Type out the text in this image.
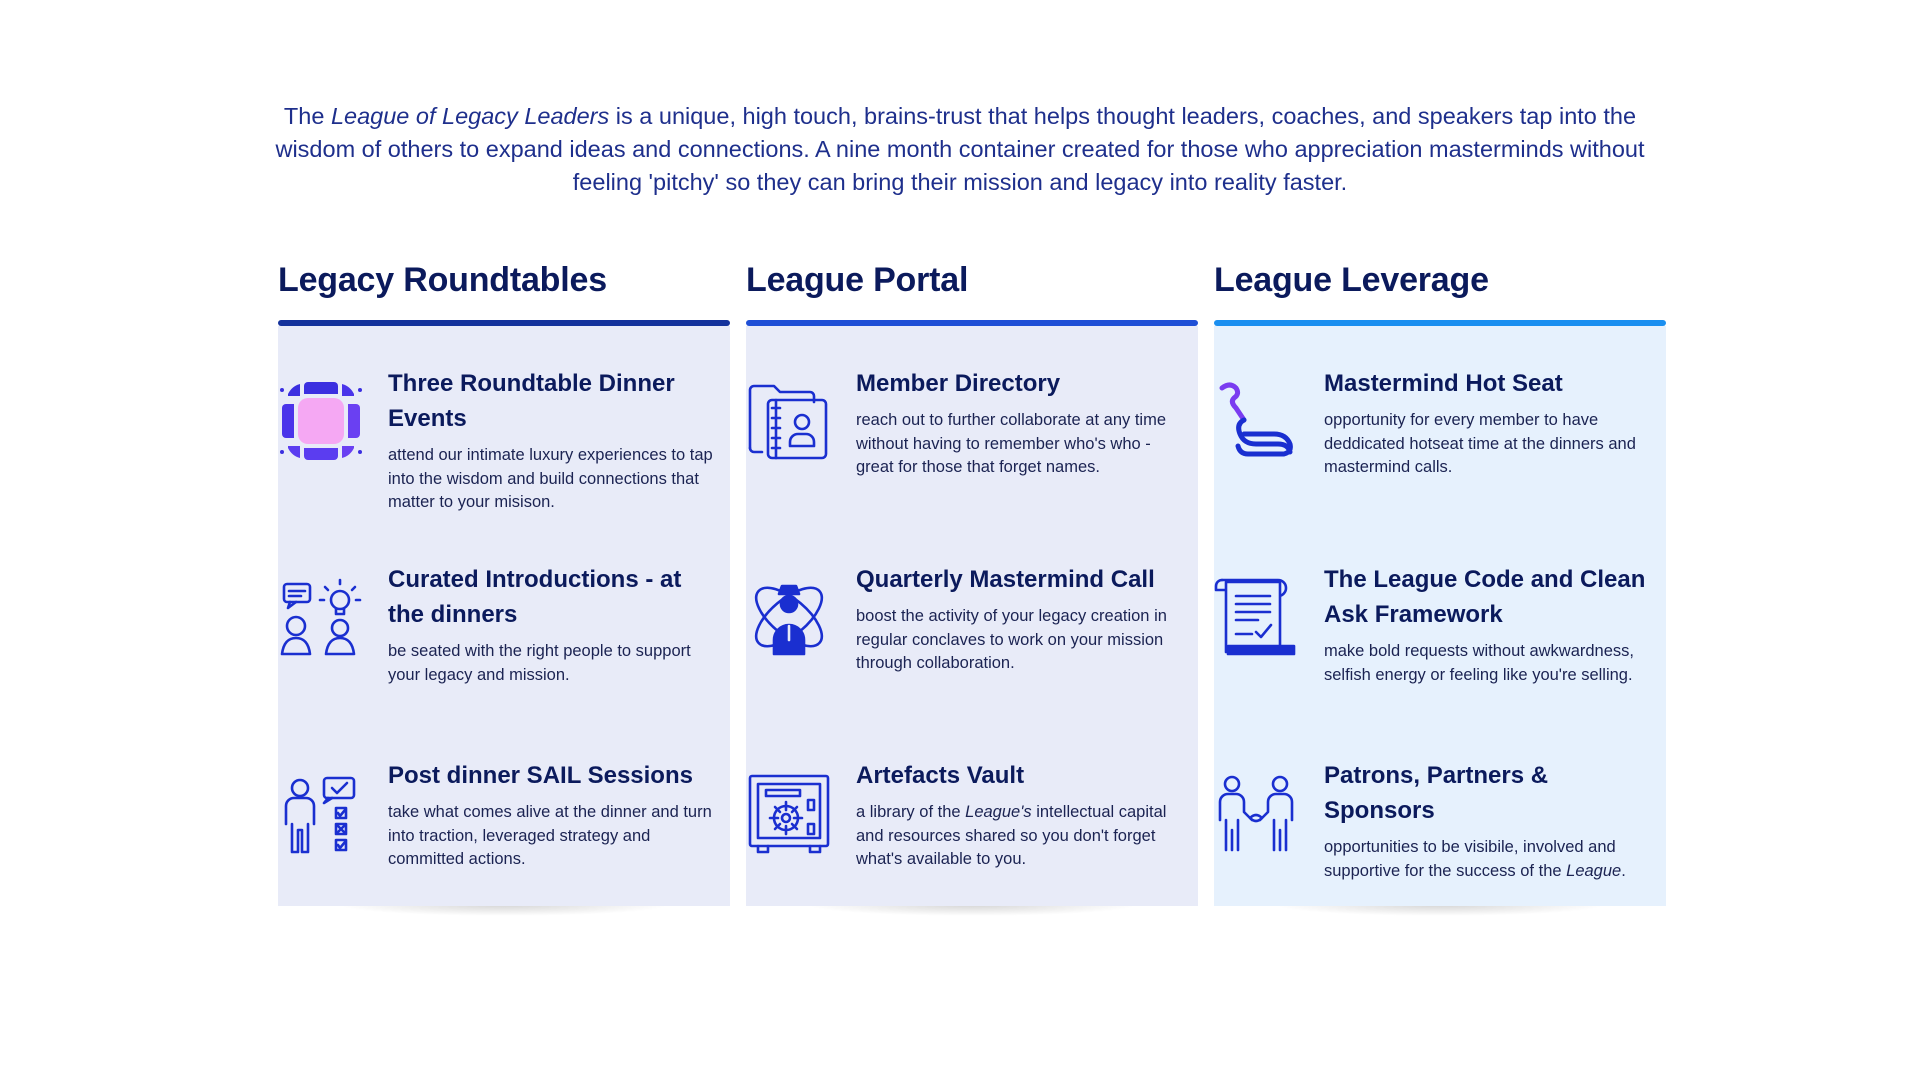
The League of Legacy Leaders is a unique, high touch, brains-trust that helps thought leaders, coaches, and speakers tap into the wisdom of others to expand ideas and connections. A nine month container created for those who appreciation masterminds without feeling 'pitchy' so they can bring their mission and legacy into reality faster.
Legacy Roundtables
Three Roundtable Dinner Events

attend our intimate luxury experiences to tap into the wisdom and build connections that matter to your misison.

Curated Introductions - at the dinners

be seated with the right people to support your legacy and mission.

Post dinner SAIL Sessions

take what comes alive at the dinner and turn into traction, leveraged strategy and committed actions.

League Portal
Member Directory

reach out to further collaborate at any time without having to remember who's who - great for those that forget names.

Quarterly Mastermind Call

boost the activity of your legacy creation in regular conclaves to work on your mission through collaboration.

Artefacts Vault

a library of the League's intellectual capital and resources shared so you don't forget what's available to you.

League Leverage
Mastermind Hot Seat

opportunity for every member to have deddicated hotseat time at the dinners and mastermind calls.

The League Code and Clean Ask Framework

make bold requests without awkwardness, selfish energy or feeling like you're selling.

Patrons, Partners & Sponsors

opportunities to be visibile, involved and supportive for the success of the League.
